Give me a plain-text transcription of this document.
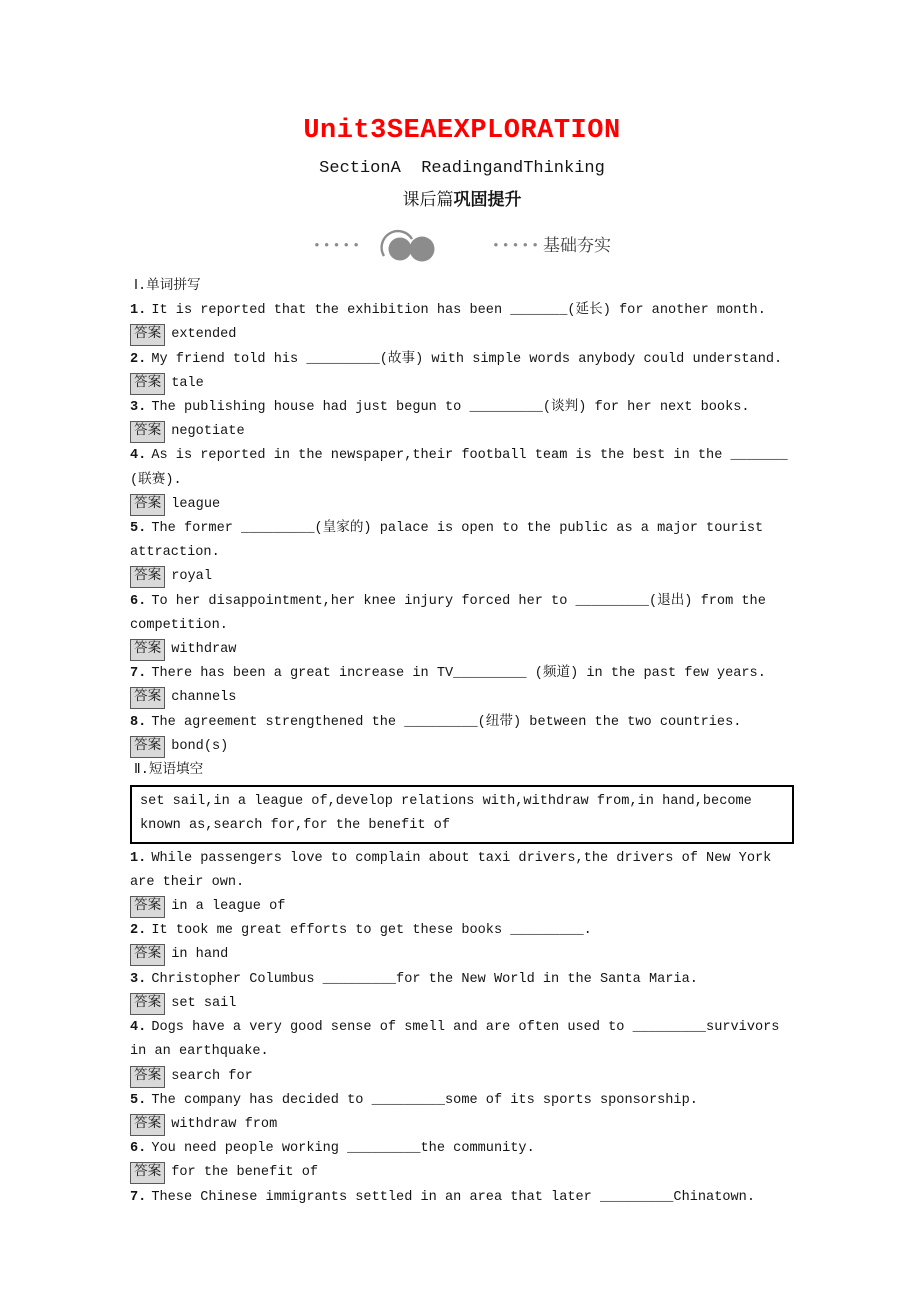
Unit3SEAEXPLORATION
SectionA  ReadingandThinking
课后篇巩固提升
•••••	••••• 基础夯实

Ⅰ.单词拼写

1. It is reported that the exhibition has been _______(延长) for another month.

答案 extended

2. My friend told his _________(故事) with simple words anybody could understand.

答案 tale

3. The publishing house had just begun to _________(谈判) for her next books.

答案 negotiate

4. As is reported in the newspaper,their football team is the best in the _______ (联赛).

答案 league

5. The former _________(皇家的) palace is open to the public as a major tourist attraction.

答案 royal

6. To her disappointment,her knee injury forced her to _________(退出) from the competition.

答案 withdraw

7. There has been a great increase in TV_________ (频道) in the past few years.

答案 channels

8. The agreement strengthened the _________(纽带) between the two countries.

答案 bond(s)

Ⅱ.短语填空

set sail,in a league of,develop relations with,withdraw from,in hand,become known as,search for,for the benefit of

1. While passengers love to complain about taxi drivers,the drivers of New York are their own.

答案 in a league of

2. It took me great efforts to get these books _________.

答案 in hand

3. Christopher Columbus _________for the New World in the Santa Maria.

答案 set sail

4. Dogs have a very good sense of smell and are often used to _________survivors in an earthquake.

答案 search for

5. The company has decided to _________some of its sports sponsorship.

答案 withdraw from

6. You need people working _________the community.

答案 for the benefit of

7. These Chinese immigrants settled in an area that later _________Chinatown.
